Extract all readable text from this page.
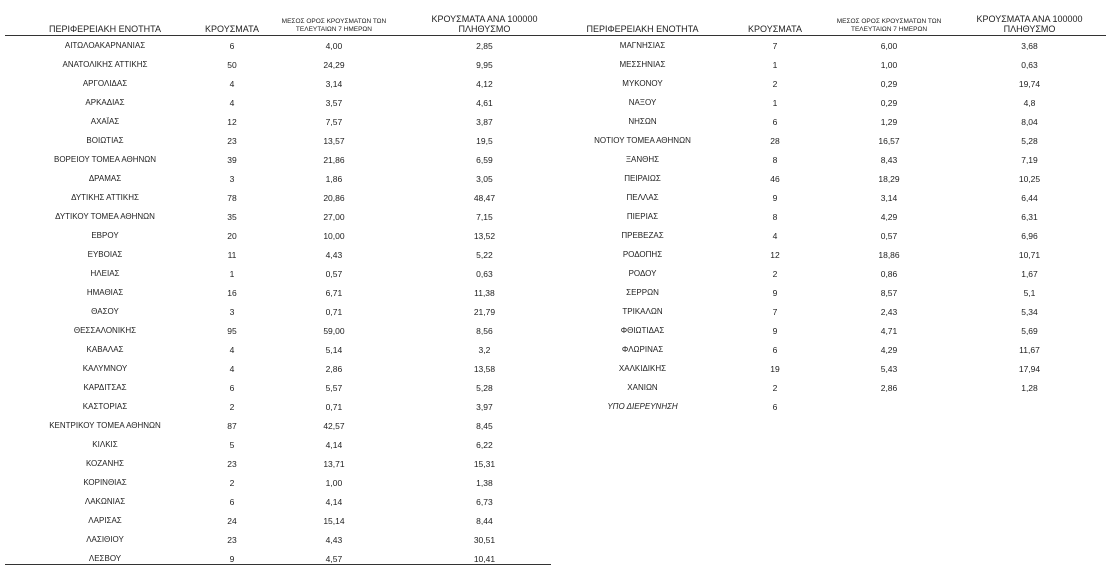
ΠΕΡΙΦΕΡΕΙΑΚΗ ΕΝΟΤΗΤΑ	ΚΡΟΥΣΜΑΤΑ	ΜΕΣΟΣ ΟΡΟΣ ΚΡΟΥΣΜΑΤΩΝ ΤΩΝ
ΤΕΛΕΥΤΑΙΩΝ 7 ΗΜΕΡΩΝ	ΚΡΟΥΣΜΑΤΑ ΑΝΑ 100000 ΠΛΗΘΥΣΜΟ
ΑΙΤΩΛΟΑΚΑΡΝΑΝΙΑΣ	6	4,00	2,85
ΑΝΑΤΟΛΙΚΗΣ ΑΤΤΙΚΗΣ	50	24,29	9,95
ΑΡΓΟΛΙΔΑΣ	4	3,14	4,12
ΑΡΚΑΔΙΑΣ	4	3,57	4,61
ΑΧΑΪΑΣ	12	7,57	3,87
ΒΟΙΩΤΙΑΣ	23	13,57	19,5
ΒΟΡΕΙΟΥ ΤΟΜΕΑ ΑΘΗΝΩΝ	39	21,86	6,59
ΔΡΑΜΑΣ	3	1,86	3,05
ΔΥΤΙΚΗΣ ΑΤΤΙΚΗΣ	78	20,86	48,47
ΔΥΤΙΚΟΥ ΤΟΜΕΑ ΑΘΗΝΩΝ	35	27,00	7,15
ΕΒΡΟΥ	20	10,00	13,52
ΕΥΒΟΙΑΣ	11	4,43	5,22
ΗΛΕΙΑΣ	1	0,57	0,63
ΗΜΑΘΙΑΣ	16	6,71	11,38
ΘΑΣΟΥ	3	0,71	21,79
ΘΕΣΣΑΛΟΝΙΚΗΣ	95	59,00	8,56
ΚΑΒΑΛΑΣ	4	5,14	3,2
ΚΑΛΥΜΝΟΥ	4	2,86	13,58
ΚΑΡΔΙΤΣΑΣ	6	5,57	5,28
ΚΑΣΤΟΡΙΑΣ	2	0,71	3,97
ΚΕΝΤΡΙΚΟΥ ΤΟΜΕΑ ΑΘΗΝΩΝ	87	42,57	8,45
ΚΙΛΚΙΣ	5	4,14	6,22
ΚΟΖΑΝΗΣ	23	13,71	15,31
ΚΟΡΙΝΘΙΑΣ	2	1,00	1,38
ΛΑΚΩΝΙΑΣ	6	4,14	6,73
ΛΑΡΙΣΑΣ	24	15,14	8,44
ΛΑΣΙΘΙΟΥ	23	4,43	30,51
ΛΕΣΒΟΥ	9	4,57	10,41
ΠΕΡΙΦΕΡΕΙΑΚΗ ΕΝΟΤΗΤΑ	ΚΡΟΥΣΜΑΤΑ	ΜΕΣΟΣ ΟΡΟΣ ΚΡΟΥΣΜΑΤΩΝ ΤΩΝ
ΤΕΛΕΥΤΑΙΩΝ 7 ΗΜΕΡΩΝ	ΚΡΟΥΣΜΑΤΑ ΑΝΑ 100000 ΠΛΗΘΥΣΜΟ
ΜΑΓΝΗΣΙΑΣ	7	6,00	3,68
ΜΕΣΣΗΝΙΑΣ	1	1,00	0,63
ΜΥΚΟΝΟΥ	2	0,29	19,74
ΝΑΞΟΥ	1	0,29	4,8
ΝΗΣΩΝ	6	1,29	8,04
ΝΟΤΙΟΥ ΤΟΜΕΑ ΑΘΗΝΩΝ	28	16,57	5,28
ΞΑΝΘΗΣ	8	8,43	7,19
ΠΕΙΡΑΙΩΣ	46	18,29	10,25
ΠΕΛΛΑΣ	9	3,14	6,44
ΠΙΕΡΙΑΣ	8	4,29	6,31
ΠΡΕΒΕΖΑΣ	4	0,57	6,96
ΡΟΔΟΠΗΣ	12	18,86	10,71
ΡΟΔΟΥ	2	0,86	1,67
ΣΕΡΡΩΝ	9	8,57	5,1
ΤΡΙΚΑΛΩΝ	7	2,43	5,34
ΦΘΙΩΤΙΔΑΣ	9	4,71	5,69
ΦΛΩΡΙΝΑΣ	6	4,29	11,67
ΧΑΛΚΙΔΙΚΗΣ	19	5,43	17,94
ΧΑΝΙΩΝ	2	2,86	1,28
ΥΠΟ ΔΙΕΡΕΥΝΗΣΗ	6		
